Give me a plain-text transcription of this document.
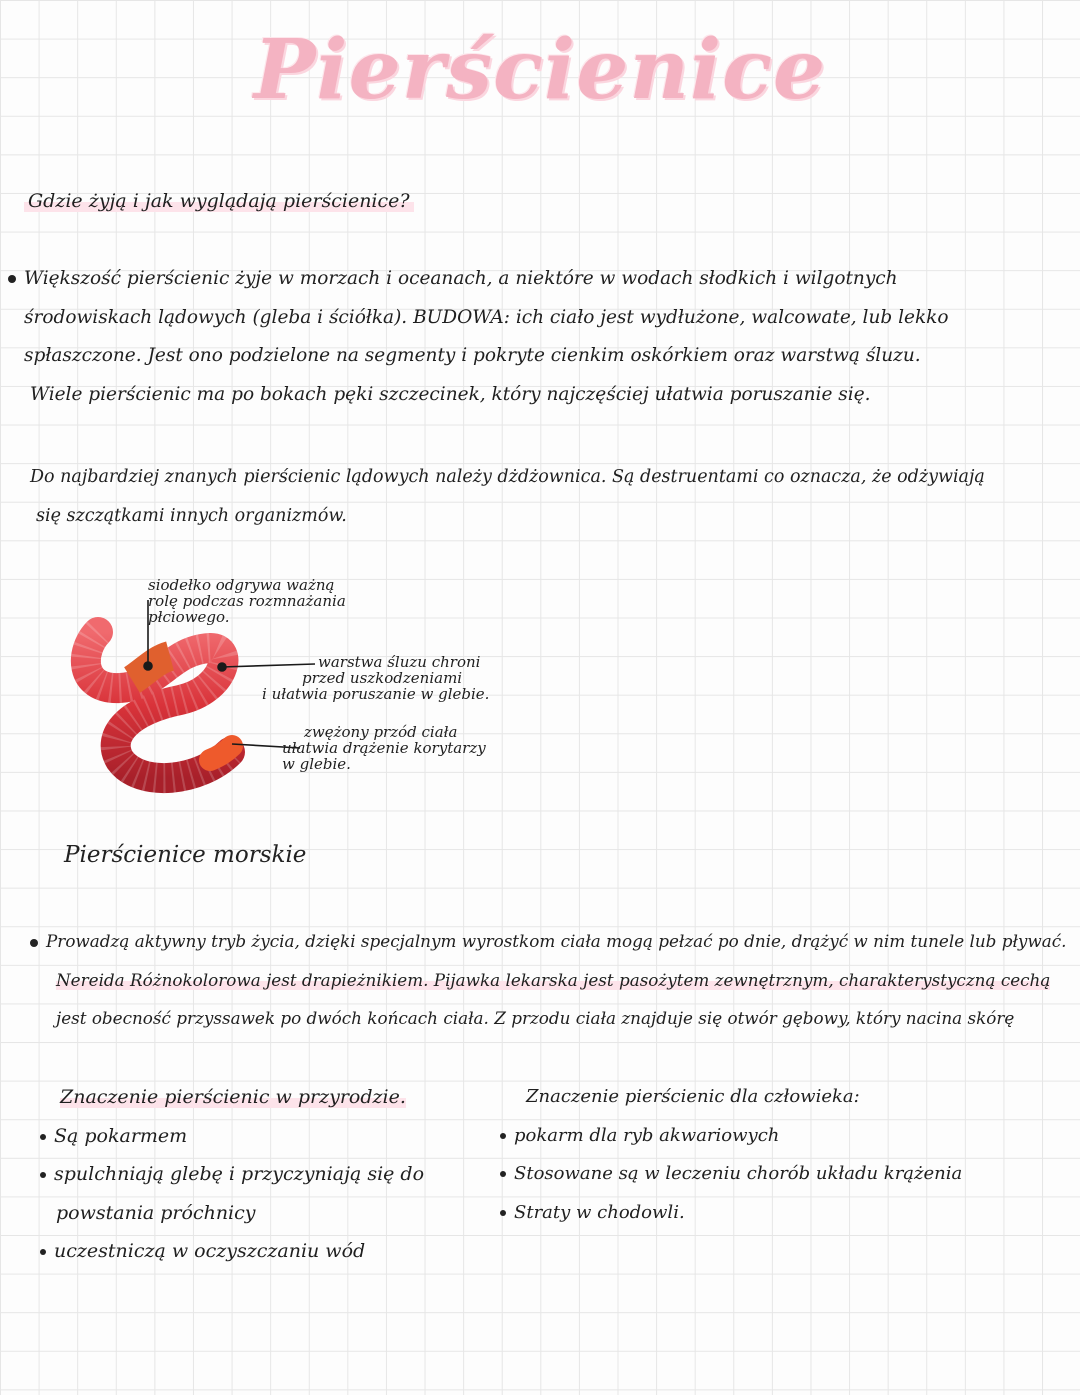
Pierścienice
Gdzie żyją i jak wyglądają pierścienice?
Większość pierścienic żyje w morzach i oceanach, a niektóre w wodach słodkich i wilgotnych
środowiskach lądowych (gleba i ściółka). BUDOWA: ich ciało jest wydłużone, walcowate, lub lekko
spłaszczone. Jest ono podzielone na segmenty i pokryte cienkim oskórkiem oraz warstwą śluzu.
Wiele pierścienic ma po bokach pęki szczecinek, który najczęściej ułatwia poruszanie się.
Do najbardziej znanych pierścienic lądowych należy dżdżownica. Są destruentami co oznacza, że odżywiają
się szczątkami innych organizmów.
siodełko odgrywa ważną
rolę podczas rozmnażania
płciowego.
warstwa śluzu chroni
przed uszkodzeniami
i ułatwia poruszanie w glebie.
zwężony przód ciała
ułatwia drążenie korytarzy
w glebie.
Pierścienice morskie
Prowadzą aktywny tryb życia, dzięki specjalnym wyrostkom ciała mogą pełzać po dnie, drążyć w nim tunele lub pływać.
Nereida Różnokolorowa jest drapieżnikiem. Pijawka lekarska jest pasożytem zewnętrznym, charakterystyczną cechą
jest obecność przyssawek po dwóch końcach ciała. Z przodu ciała znajduje się otwór gębowy, który nacina skórę
Znaczenie pierścienic w przyrodzie.
Są pokarmem
spulchniają glebę i przyczyniają się do
powstania próchnicy
uczestniczą w oczyszczaniu wód
Znaczenie pierścienic dla człowieka:
pokarm dla ryb akwariowych
Stosowane są w leczeniu chorób układu krążenia
Straty w chodowli.
